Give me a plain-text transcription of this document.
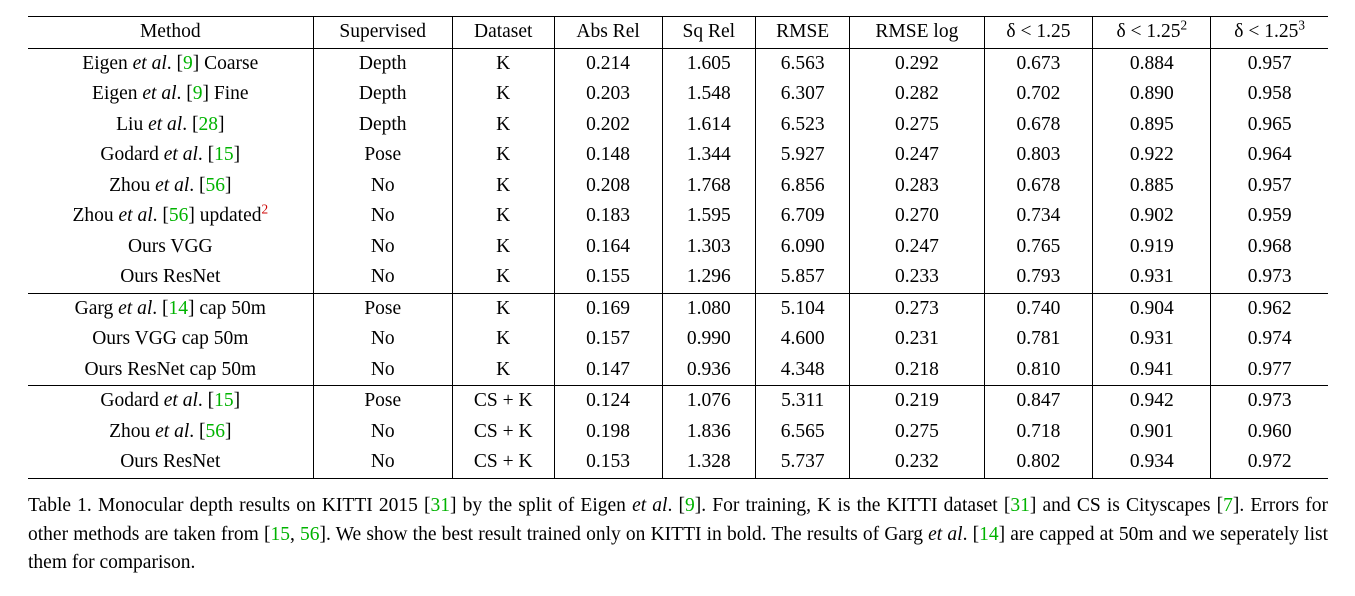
Method	Supervised	Dataset	Abs Rel	Sq Rel	RMSE	RMSE log	δ < 1.25	$\delta < 1.25^2$	$\delta < 1.25^3$
Eigen et al. [9] Coarse	Depth	K	0.214	1.605	6.563	0.292	0.673	0.884	0.957
Eigen et al. [9] Fine	Depth	K	0.203	1.548	6.307	0.282	0.702	0.890	0.958
Liu et al. [28]	Depth	K	0.202	1.614	6.523	0.275	0.678	0.895	0.965
Godard et al. [15]	Pose	K	0.148	1.344	5.927	0.247	0.803	0.922	0.964
Zhou et al. [56]	No	K	0.208	1.768	6.856	0.283	0.678	0.885	0.957
Zhou et al. [56] updated$^2$	No	K	0.183	1.595	6.709	0.270	0.734	0.902	0.959
Ours VGG	No	K	0.164	1.303	6.090	0.247	0.765	0.919	0.968
Ours ResNet	No	K	0.155	1.296	5.857	0.233	0.793	0.931	0.973
Garg et al. [14] cap 50m	Pose	K	0.169	1.080	5.104	0.273	0.740	0.904	0.962
Ours VGG cap 50m	No	K	0.157	0.990	4.600	0.231	0.781	0.931	0.974
Ours ResNet cap 50m	No	K	0.147	0.936	4.348	0.218	0.810	0.941	0.977
Godard et al. [15]	Pose	CS + K	0.124	1.076	5.311	0.219	0.847	0.942	0.973
Zhou et al. [56]	No	CS + K	0.198	1.836	6.565	0.275	0.718	0.901	0.960
Ours ResNet	No	CS + K	0.153	1.328	5.737	0.232	0.802	0.934	0.972
Table 1. Monocular depth results on KITTI 2015 [31] by the split of Eigen et al. [9]. For training, K is the KITTI dataset [31] and CS is Cityscapes [7]. Errors for other methods are taken from [15, 56]. We show the best result trained only on KITTI in bold. The results of Garg et al. [14] are capped at 50m and we seperately list them for comparison.
